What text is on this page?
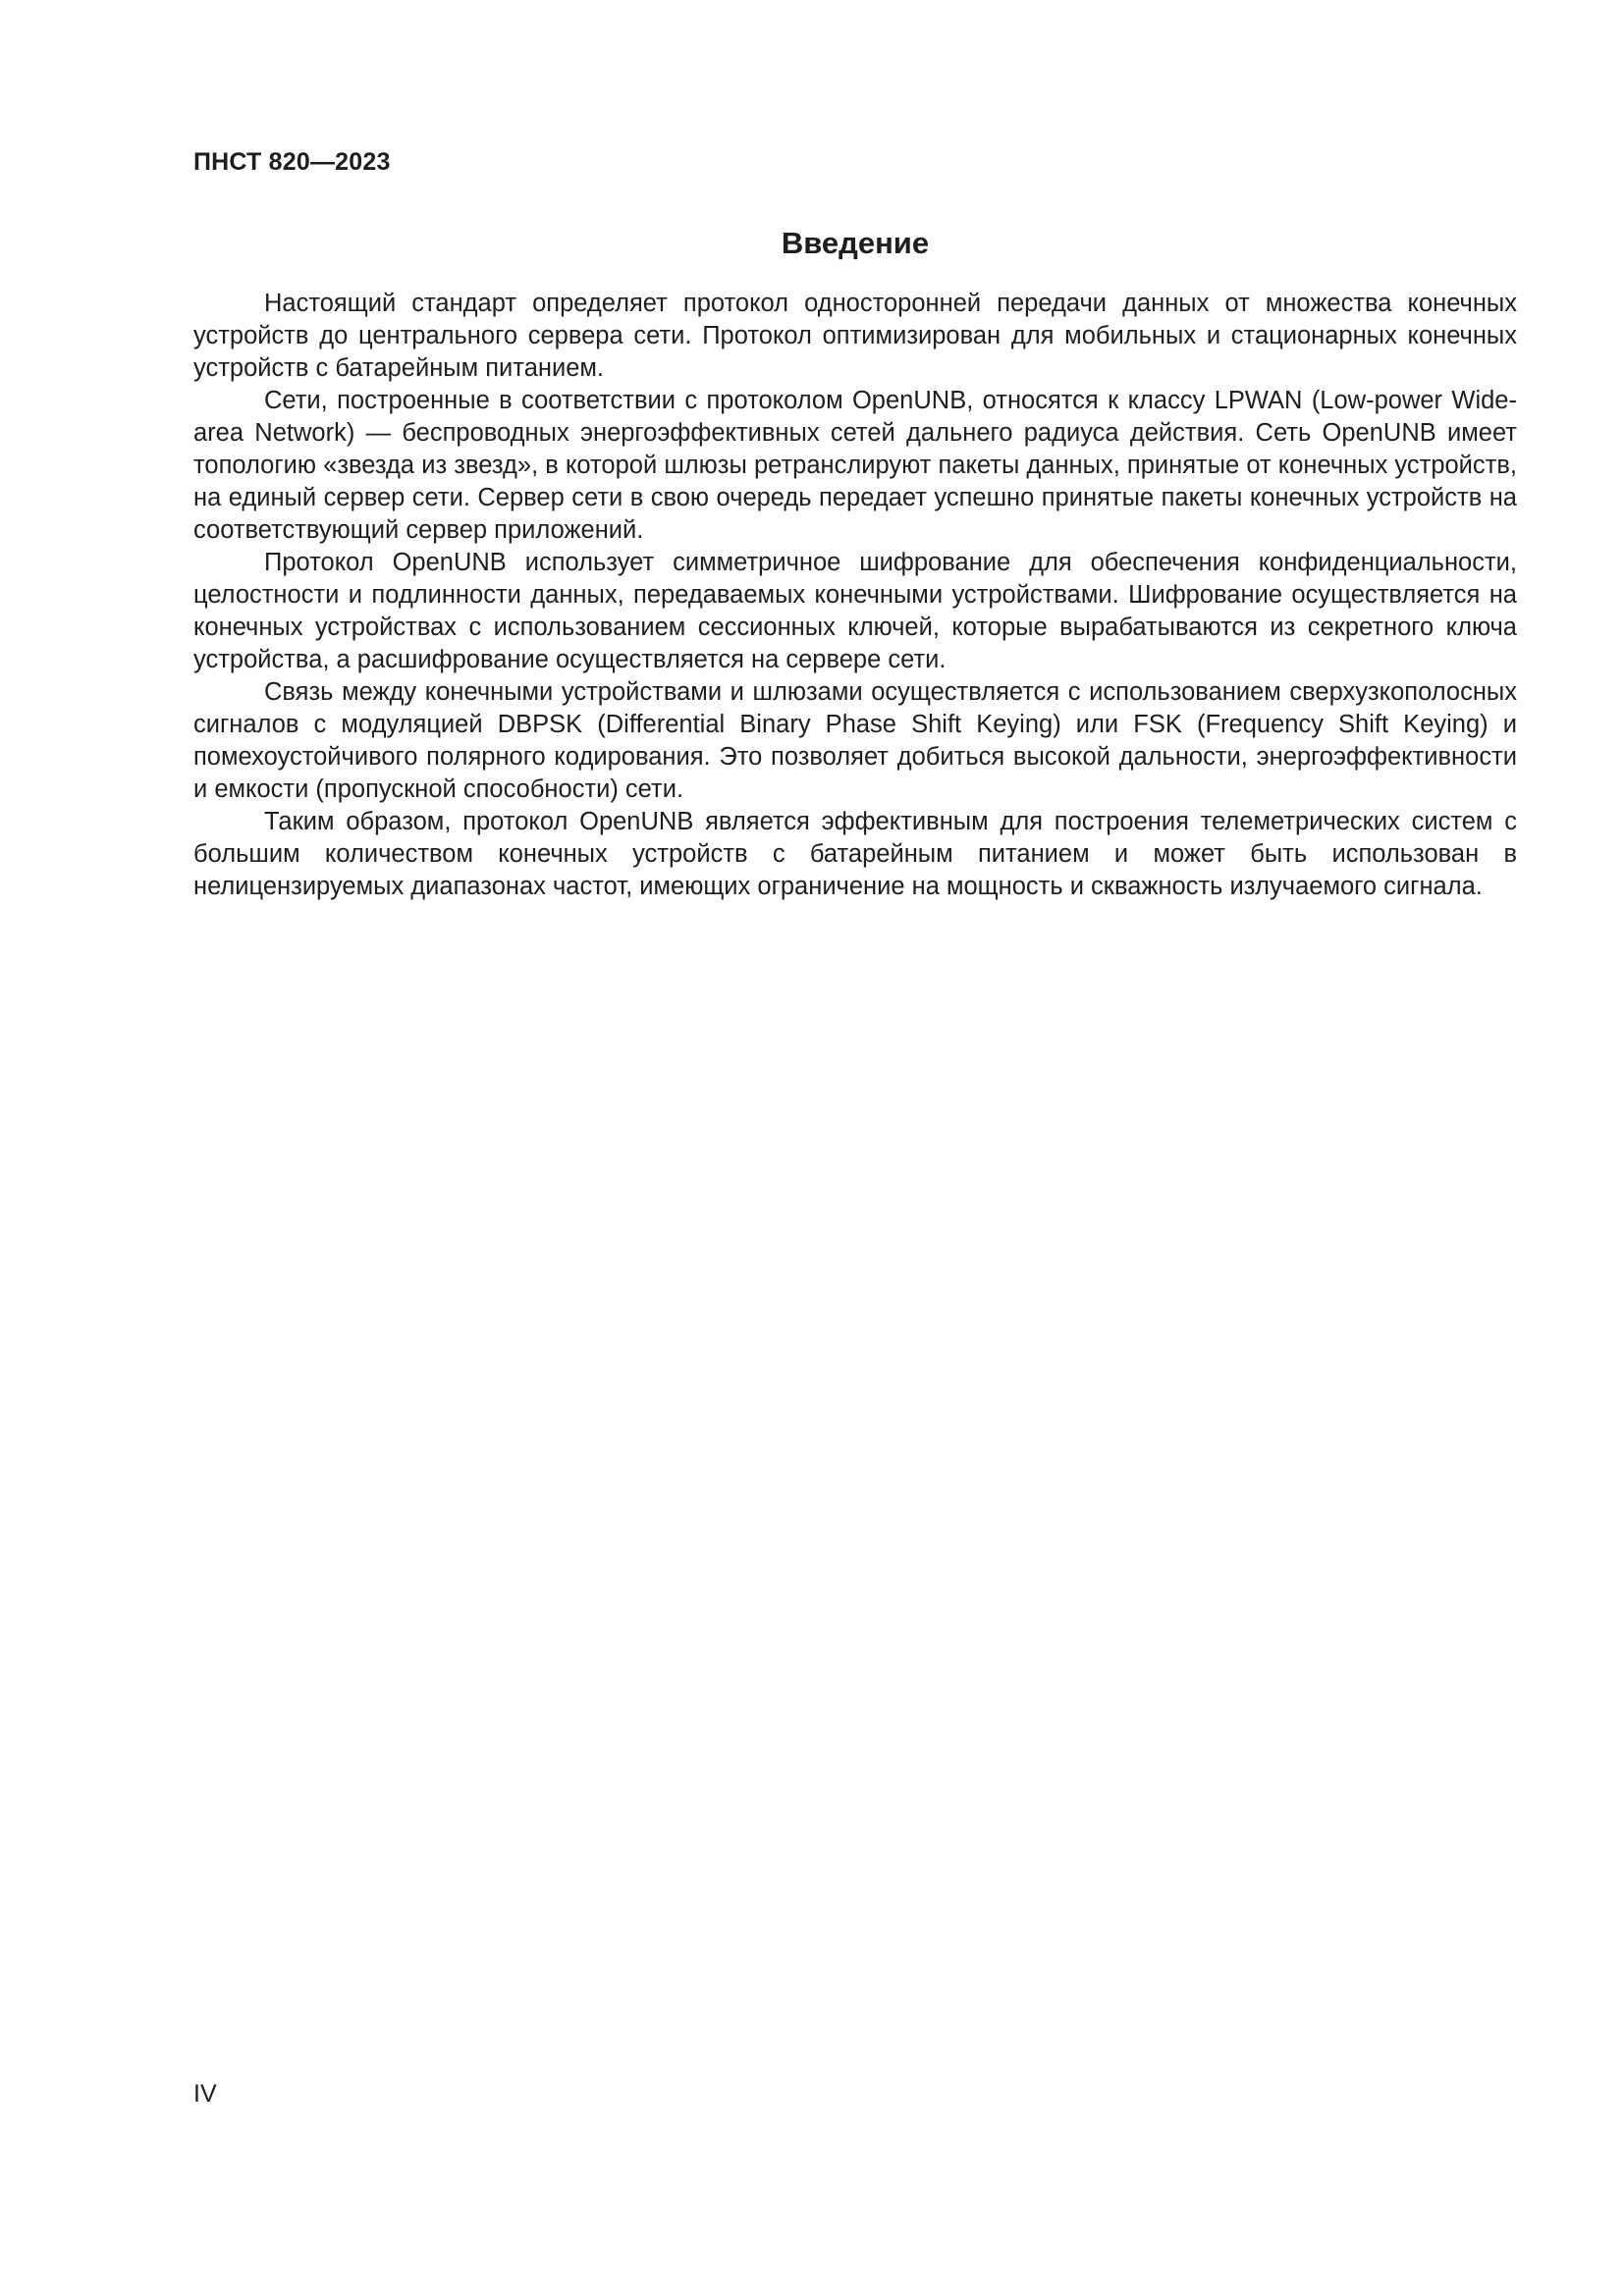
ПНСТ 820—2023

Введение

Настоящий стандарт определяет протокол односторонней передачи данных от множества конечных устройств до центрального сервера сети. Протокол оптимизирован для мобильных и стационарных конечных устройств с батарейным питанием.

Сети, построенные в соответствии с протоколом OpenUNB, относятся к классу LPWAN (Low-power Wide-area Network) — беспроводных энергоэффективных сетей дальнего радиуса действия. Сеть OpenUNB имеет топологию «звезда из звезд», в которой шлюзы ретранслируют пакеты данных, принятые от конечных устройств, на единый сервер сети. Сервер сети в свою очередь передает успешно принятые пакеты конечных устройств на соответствующий сервер приложений.

Протокол OpenUNB использует симметричное шифрование для обеспечения конфиденциальности, целостности и подлинности данных, передаваемых конечными устройствами. Шифрование осуществляется на конечных устройствах с использованием сессионных ключей, которые вырабатываются из секретного ключа устройства, а расшифрование осуществляется на сервере сети.

Связь между конечными устройствами и шлюзами осуществляется с использованием сверхузкополосных сигналов с модуляцией DBPSK (Differential Binary Phase Shift Keying) или FSK (Frequency Shift Keying) и помехоустойчивого полярного кодирования. Это позволяет добиться высокой дальности, энергоэффективности и емкости (пропускной способности) сети.

Таким образом, протокол OpenUNB является эффективным для построения телеметрических систем с большим количеством конечных устройств с батарейным питанием и может быть использован в нелицензируемых диапазонах частот, имеющих ограничение на мощность и скважность излучаемого сигнала.

IV
